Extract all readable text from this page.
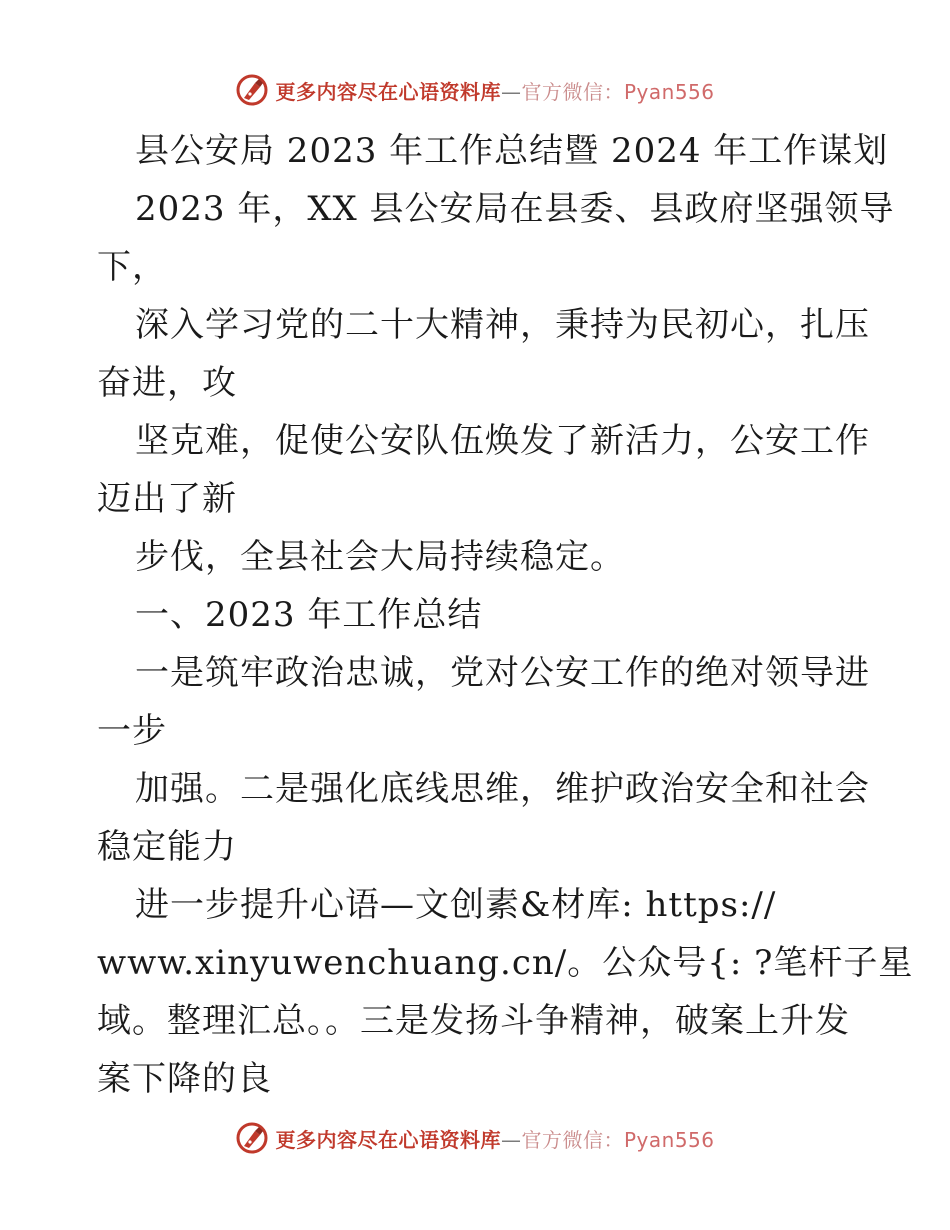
更多内容尽在心语资料库—官方微信：Pyan556
县公安局 2023 年工作总结暨 2024 年工作谋划
2023 年，XX 县公安局在县委、县政府坚强领导
下，
深入学习党的二十大精神，秉持为民初心，扎压
奋进，攻
坚克难，促使公安队伍焕发了新活力，公安工作
迈出了新
步伐，全县社会大局持续稳定。
一、2023 年工作总结
一是筑牢政治忠诚，党对公安工作的绝对领导进
一步
加强。二是强化底线思维，维护政治安全和社会
稳定能力
进一步提升心语—文创素&材库: https://
www.xinyuwenchuang.cn/。公众号{: ?笔杆子星
域。整理汇总。。三是发扬斗争精神，破案上升发
案下降的良
更多内容尽在心语资料库—官方微信：Pyan556
